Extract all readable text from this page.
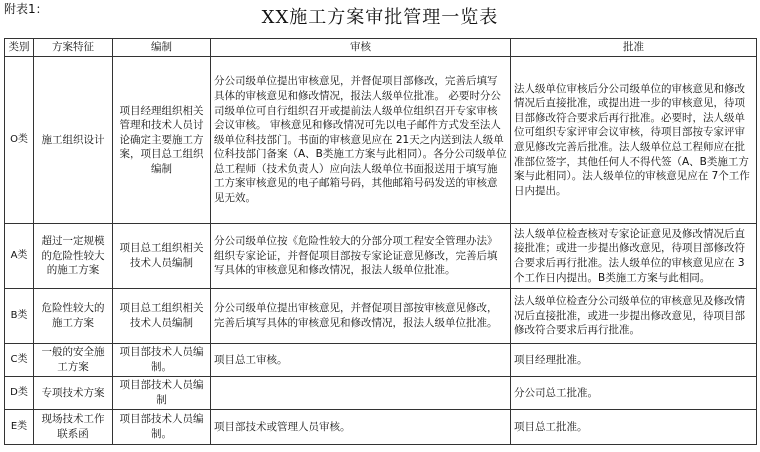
附表1：	XX施工方案审批管理一览表
类别	方案特征	编制	审核	批准
O类	施工组织设计	项目经理组织相关管理和技术人员讨论确定主要施工方案，项目总工组织编制	分公司级单位提出审核意见，并督促项目部修改，完善后填写具体的审核意见和修改情况，报法人级单位批准。 必要时分公司级单位可自行组织召开或提前法人级单位组织召开专家审核会议审核。 审核意见和修改情况可先以电子邮件方式发至法人级单位科技部门。书面的审核意见应在 21天之内送到法人级单位科技部门备案（A、B类施工方案与此相同）。各分公司级单位总工程师（技术负责人）应向法人级单位书面报送用于填写施工方案审核意见的电子邮箱号码，其他邮箱号码发送的审核意见无效。	法人级单位审核后分公司级单位的审核意见和修改情况后直接批准，或提出进一步的审核意见，待项目部修改符合要求后再行批准。必要时，法人级单位可组织专家评审会议审核，待项目部按专家评审意见修改完善后批准。法人级单位总工程师应在批准部位签字，其他任何人不得代签（A、B类施工方案与此相同）。法人级单位的审核意见应在 7个工作日内提出。
A类	超过一定规模的危险性较大的施工方案	项目总工组织相关技术人员编制	分公司级单位按《危险性较大的分部分项工程安全管理办法》组织专家论证，并督促项目部按专家论证意见修改，完善后填写具体的审核意见和修改情况，报法人级单位批准。	法人级单位检查核对专家论证意见及修改情况后直接批准；或进一步提出修改意见，待项目部修改符合要求后再行批准。法人级单位的审核意见应在 3个工作日内提出。B类施工方案与此相同。
B类	危险性较大的施工方案	项目总工组织相关技术人员编制	分公司级单位提出审核意见，并督促项目部按审核意见修改，完善后填写具体的审核意见和修改情况，报法人级单位批准。	法人级单位检查分公司级单位的审核意见及修改情况后直接批准，或进一步提出修改意见，待项目部修改符合要求后再行批准。
C类	一般的安全施工方案	项目部技术人员编制。	项目总工审核。	项目经理批准。
D类	专项技术方案	项目部技术人员编制		分公司总工批准。
E类	现场技术工作联系函	项目部技术人员编制。	项目部技术或管理人员审核。	项目总工批准。
